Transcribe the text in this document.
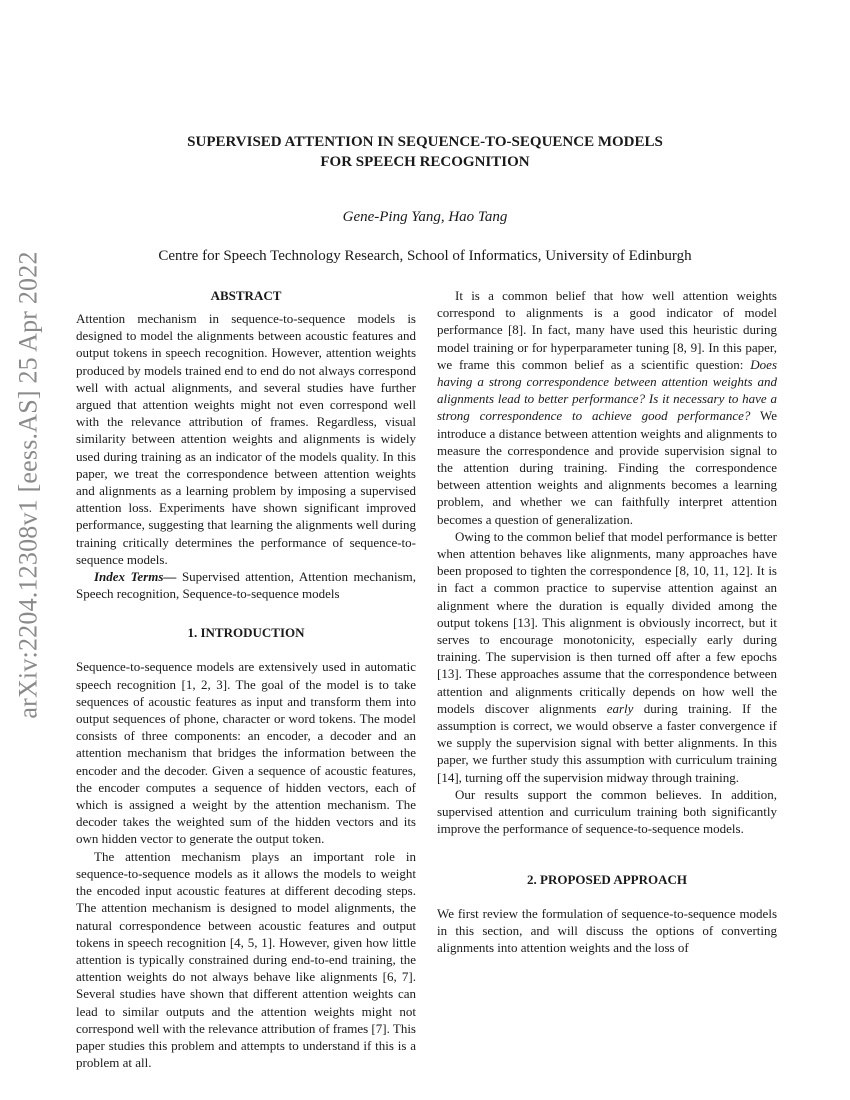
arXiv:2204.12308v1 [eess.AS] 25 Apr 2022
SUPERVISED ATTENTION IN SEQUENCE-TO-SEQUENCE MODELS
FOR SPEECH RECOGNITION
Gene-Ping Yang, Hao Tang
Centre for Speech Technology Research, School of Informatics, University of Edinburgh
ABSTRACT

Attention mechanism in sequence-to-sequence models is designed to model the alignments between acoustic features and output tokens in speech recognition. However, attention weights produced by models trained end to end do not always correspond well with actual alignments, and several studies have further argued that attention weights might not even correspond well with the relevance attribution of frames. Regardless, visual similarity between attention weights and alignments is widely used during training as an indicator of the models quality. In this paper, we treat the correspondence between attention weights and alignments as a learning problem by imposing a supervised attention loss. Experiments have shown significant improved performance, suggesting that learning the alignments well during training critically determines the performance of sequence-to-sequence models.

Index Terms— Supervised attention, Attention mechanism, Speech recognition, Sequence-to-sequence models

1. INTRODUCTION

Sequence-to-sequence models are extensively used in automatic speech recognition [1, 2, 3]. The goal of the model is to take sequences of acoustic features as input and transform them into output sequences of phone, character or word tokens. The model consists of three components: an encoder, a decoder and an attention mechanism that bridges the information between the encoder and the decoder. Given a sequence of acoustic features, the encoder computes a sequence of hidden vectors, each of which is assigned a weight by the attention mechanism. The decoder takes the weighted sum of the hidden vectors and its own hidden vector to generate the output token.

The attention mechanism plays an important role in sequence-to-sequence models as it allows the models to weight the encoded input acoustic features at different decoding steps. The attention mechanism is designed to model alignments, the natural correspondence between acoustic features and output tokens in speech recognition [4, 5, 1]. However, given how little attention is typically constrained during end-to-end training, the attention weights do not always behave like alignments [6, 7]. Several studies have shown that different attention weights can lead to similar outputs and the attention weights might not correspond well with the relevance attribution of frames [7]. This paper studies this problem and attempts to understand if this is a problem at all.

It is a common belief that how well attention weights correspond to alignments is a good indicator of model performance [8]. In fact, many have used this heuristic during model training or for hyperparameter tuning [8, 9]. In this paper, we frame this common belief as a scientific question: Does having a strong correspondence between attention weights and alignments lead to better performance? Is it necessary to have a strong correspondence to achieve good performance? We introduce a distance between attention weights and alignments to measure the correspondence and provide supervision signal to the attention during training. Finding the correspondence between attention weights and alignments becomes a learning problem, and whether we can faithfully interpret attention becomes a question of generalization.

Owing to the common belief that model performance is better when attention behaves like alignments, many approaches have been proposed to tighten the correspondence [8, 10, 11, 12]. It is in fact a common practice to supervise attention against an alignment where the duration is equally divided among the output tokens [13]. This alignment is obviously incorrect, but it serves to encourage monotonicity, especially early during training. The supervision is then turned off after a few epochs [13]. These approaches assume that the correspondence between attention and alignments critically depends on how well the models discover alignments early during training. If the assumption is correct, we would observe a faster convergence if we supply the supervision signal with better alignments. In this paper, we further study this assumption with curriculum training [14], turning off the supervision midway through training.

Our results support the common believes. In addition, supervised attention and curriculum training both significantly improve the performance of sequence-to-sequence models.

2. PROPOSED APPROACH

We first review the formulation of sequence-to-sequence models in this section, and will discuss the options of converting alignments into attention weights and the loss of
